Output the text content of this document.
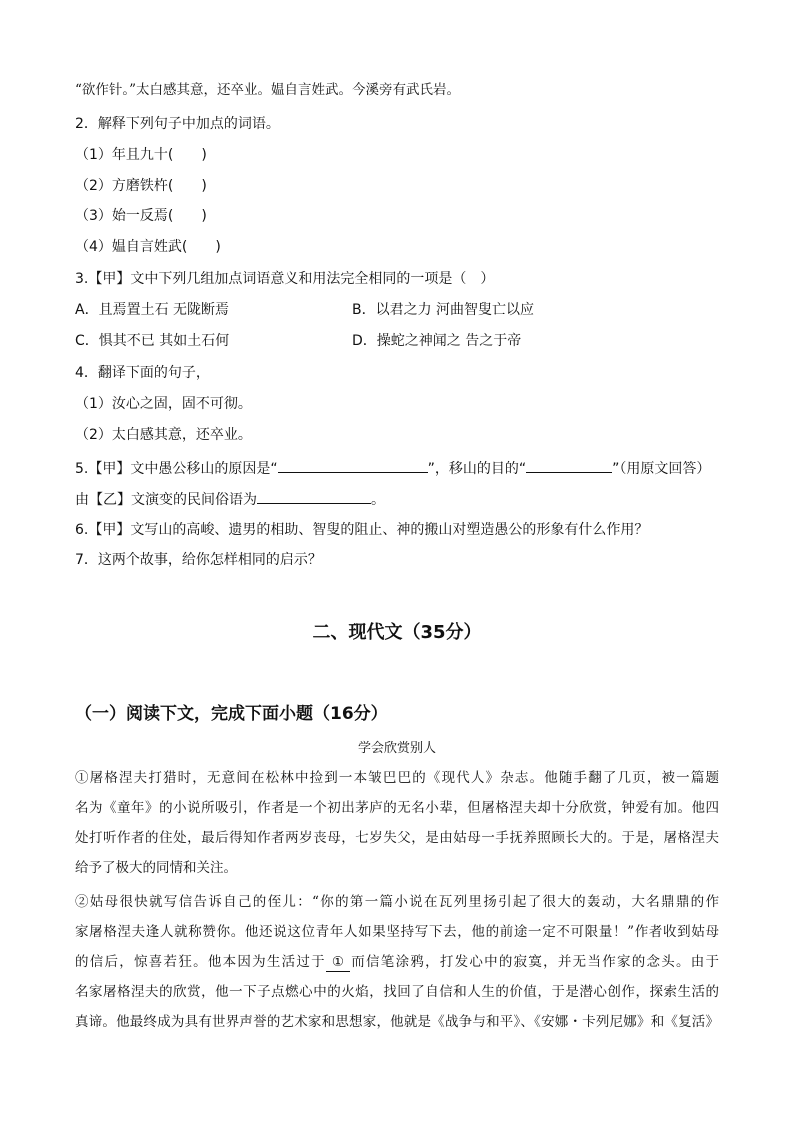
“欲作针。”太白感其意，还卒业。媪自言姓武。今溪旁有武氏岩。
2．解释下列句子中加点的词语。
（1）年且九十(　　)
（2）方磨铁杵(　　)
（3）始一反焉(　　)
（4）媪自言姓武(　　)
3.【甲】文中下列几组加点词语意义和用法完全相同的一项是（　）
A．且焉置土石 无陇断焉	B．以君之力 河曲智叟亡以应
C．惧其不已 其如土石何	D．操蛇之神闻之 告之于帝
4．翻译下面的句子，
（1）汝心之固，固不可彻。
（2）太白感其意，还卒业。
5.【甲】文中愚公移山的原因是“	”，移山的目的“	”（用原文回答）
由【乙】文演变的民间俗语为	。
6.【甲】文写山的高峻、遗男的相助、智叟的阻止、神的搬山对塑造愚公的形象有什么作用？
7．这两个故事，给你怎样相同的启示？
二、现代文（35分）
（一）阅读下文，完成下面小题（16分）
学会欣赏别人
①屠格涅夫打猎时，无意间在松林中捡到一本皱巴巴的《现代人》杂志。他随手翻了几页，被一篇题
名为《童年》的小说所吸引，作者是一个初出茅庐的无名小辈，但屠格涅夫却十分欣赏，钟爱有加。他四
处打听作者的住处，最后得知作者两岁丧母，七岁失父，是由姑母一手抚养照顾长大的。于是，屠格涅夫
给予了极大的同情和关注。
②姑母很快就写信告诉自己的侄儿：“你的第一篇小说在瓦列里扬引起了很大的轰动，大名鼎鼎的作
家屠格涅夫逢人就称赞你。他还说这位青年人如果坚持写下去，他的前途一定不可限量！”作者收到姑母
的信后，惊喜若狂。他本因为生活过于 ① 而信笔涂鸦，打发心中的寂寞，并无当作家的念头。由于
名家屠格涅夫的欣赏，他一下子点燃心中的火焰，找回了自信和人生的价值，于是潜心创作，探索生活的
真谛。他最终成为具有世界声誉的艺术家和思想家，他就是《战争与和平》、《安娜・卡列尼娜》和《复活》
